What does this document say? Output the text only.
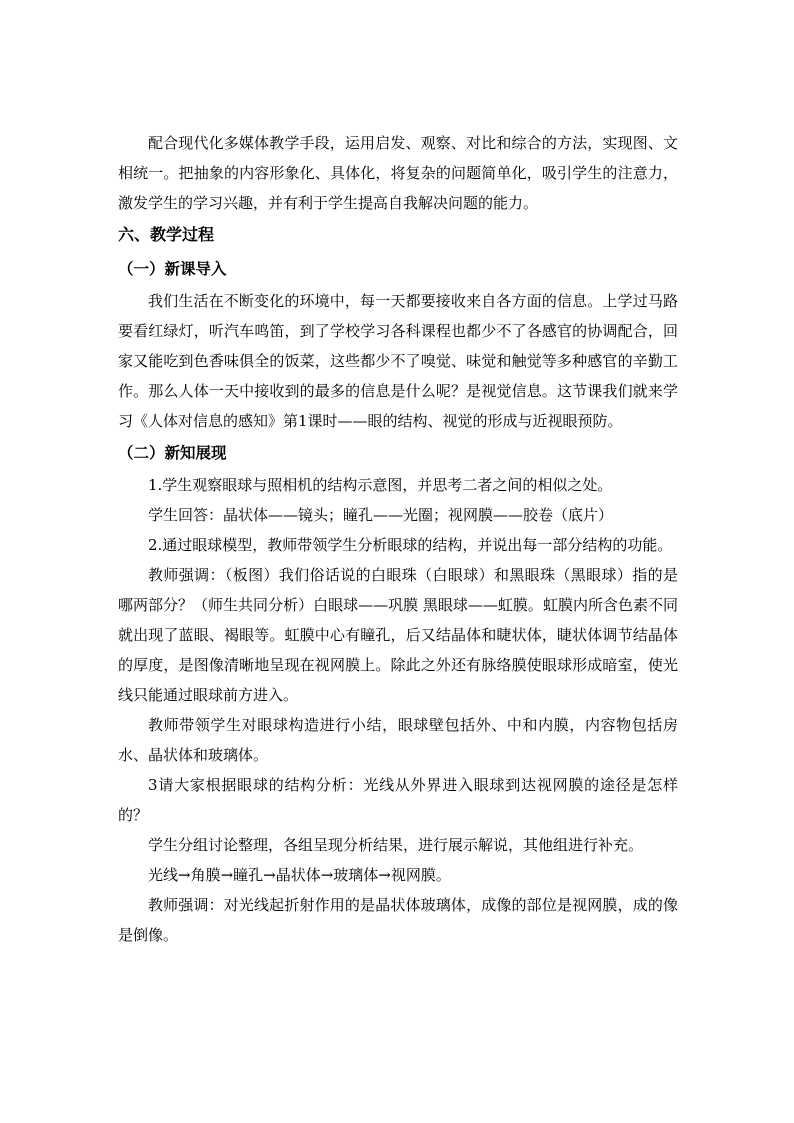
配合现代化多媒体教学手段，运用启发、观察、对比和综合的方法，实现图、文相统一。把抽象的内容形象化、具体化，将复杂的问题简单化，吸引学生的注意力，激发学生的学习兴趣，并有利于学生提高自我解决问题的能力。

六、教学过程

（一）新课导入

我们生活在不断变化的环境中，每一天都要接收来自各方面的信息。上学过马路要看红绿灯，听汽车鸣笛，到了学校学习各科课程也都少不了各感官的协调配合，回家又能吃到色香味俱全的饭菜，这些都少不了嗅觉、味觉和触觉等多种感官的辛勤工作。那么人体一天中接收到的最多的信息是什么呢？是视觉信息。这节课我们就来学习《人体对信息的感知》第1课时——眼的结构、视觉的形成与近视眼预防。

（二）新知展现

1.学生观察眼球与照相机的结构示意图，并思考二者之间的相似之处。

学生回答：晶状体——镜头；瞳孔——光圈；视网膜——胶卷（底片）

2.通过眼球模型，教师带领学生分析眼球的结构，并说出每一部分结构的功能。

教师强调：（板图）我们俗话说的白眼珠（白眼球）和黑眼珠（黑眼球）指的是哪两部分？（师生共同分析）白眼球——巩膜 黑眼球——虹膜。虹膜内所含色素不同就出现了蓝眼、褐眼等。虹膜中心有瞳孔，后又结晶体和睫状体，睫状体调节结晶体的厚度，是图像清晰地呈现在视网膜上。除此之外还有脉络膜使眼球形成暗室，使光线只能通过眼球前方进入。

教师带领学生对眼球构造进行小结，眼球壁包括外、中和内膜，内容物包括房水、晶状体和玻璃体。

3请大家根据眼球的结构分析：光线从外界进入眼球到达视网膜的途径是怎样的？

学生分组讨论整理，各组呈现分析结果，进行展示解说，其他组进行补充。

光线→角膜→瞳孔→晶状体→玻璃体→视网膜。

教师强调：对光线起折射作用的是晶状体玻璃体，成像的部位是视网膜，成的像是倒像。
